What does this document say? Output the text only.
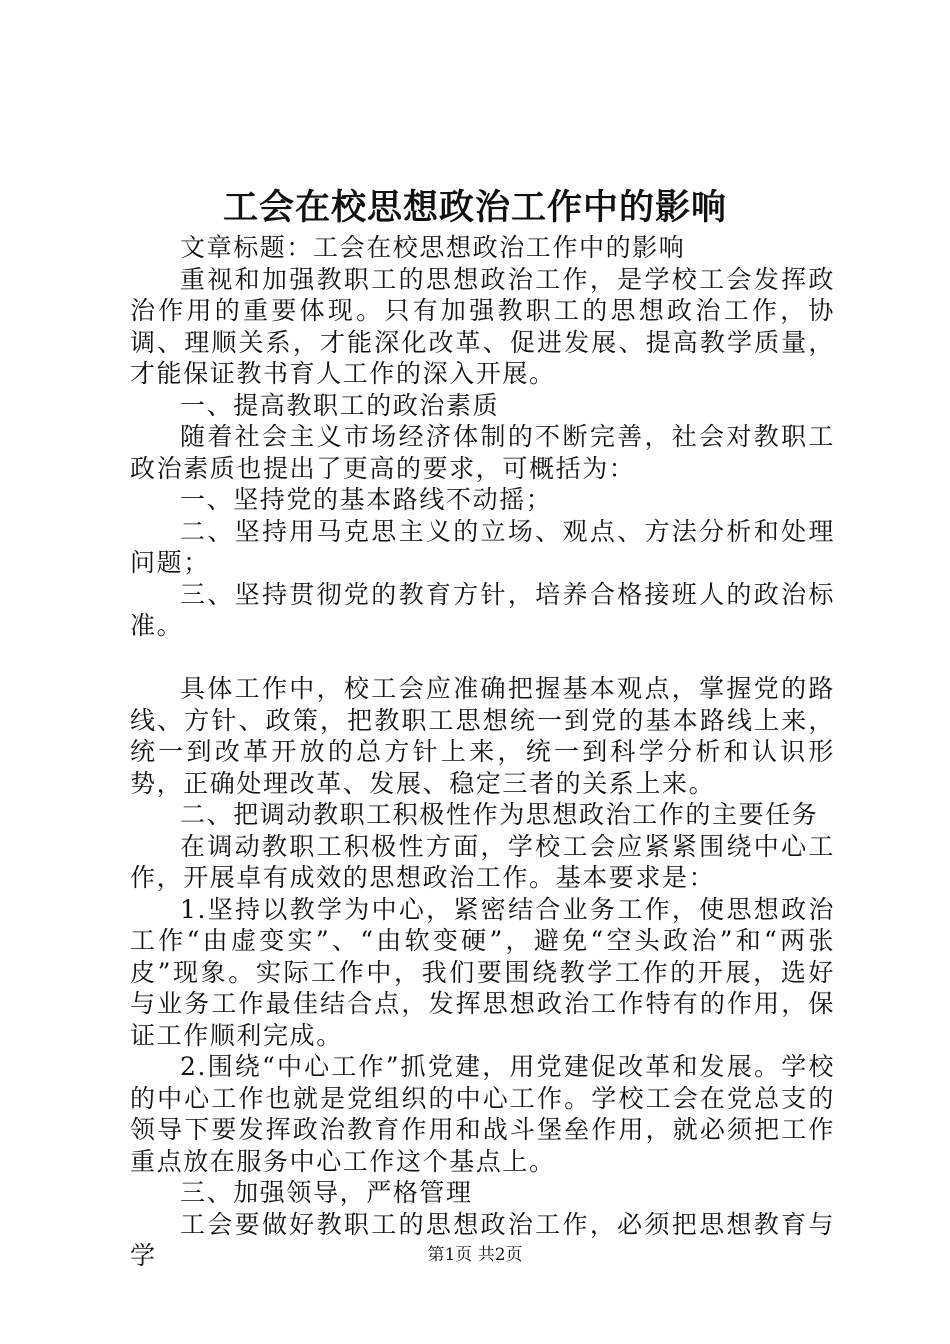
工会在校思想政治工作中的影响

文章标题：工会在校思想政治工作中的影响

重视和加强教职工的思想政治工作，是学校工会发挥政治作用的重要体现。只有加强教职工的思想政治工作，协调、理顺关系，才能深化改革、促进发展、提高教学质量，才能保证教书育人工作的深入开展。

一、提高教职工的政治素质

随着社会主义市场经济体制的不断完善，社会对教职工政治素质也提出了更高的要求，可概括为：

一、坚持党的基本路线不动摇；

二、坚持用马克思主义的立场、观点、方法分析和处理问题；

三、坚持贯彻党的教育方针，培养合格接班人的政治标准。

具体工作中，校工会应准确把握基本观点，掌握党的路线、方针、政策，把教职工思想统一到党的基本路线上来，统一到改革开放的总方针上来，统一到科学分析和认识形势，正确处理改革、发展、稳定三者的关系上来。

二、把调动教职工积极性作为思想政治工作的主要任务

在调动教职工积极性方面，学校工会应紧紧围绕中心工作，开展卓有成效的思想政治工作。基本要求是：

1.坚持以教学为中心，紧密结合业务工作，使思想政治工作“由虚变实”、“由软变硬”，避免“空头政治”和“两张皮”现象。实际工作中，我们要围绕教学工作的开展，选好与业务工作最佳结合点，发挥思想政治工作特有的作用，保证工作顺利完成。

2.围绕“中心工作”抓党建，用党建促改革和发展。学校的中心工作也就是党组织的中心工作。学校工会在党总支的领导下要发挥政治教育作用和战斗堡垒作用，就必须把工作重点放在服务中心工作这个基点上。

三、加强领导，严格管理

工会要做好教职工的思想政治工作，必须把思想教育与学	第1页 共2页
